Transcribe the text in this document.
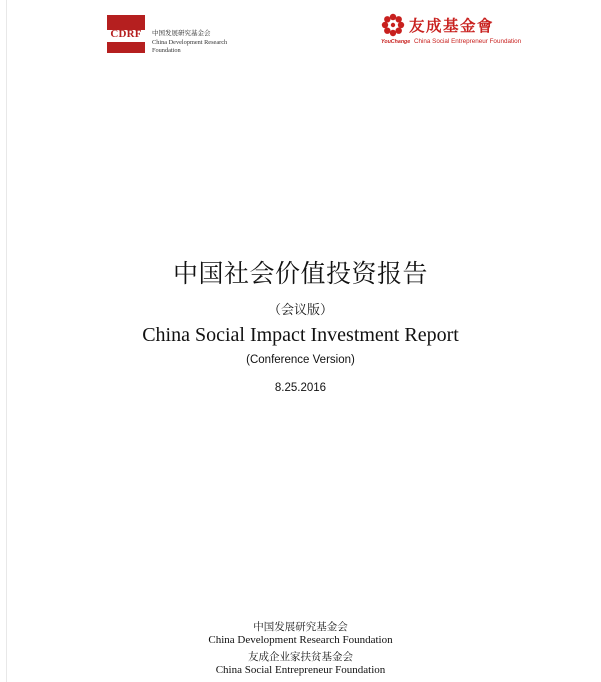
CDRF 中国发展研究基金会
China Development Research
Foundation
友成基金會
YouChange China Social Entrepreneur Foundation
中国社会价值投资报告
（会议版）
China Social Impact Investment Report
(Conference Version)
8.25.2016
中国发展研究基金会
China Development Research Foundation
友成企业家扶贫基金会
China Social Entrepreneur Foundation
